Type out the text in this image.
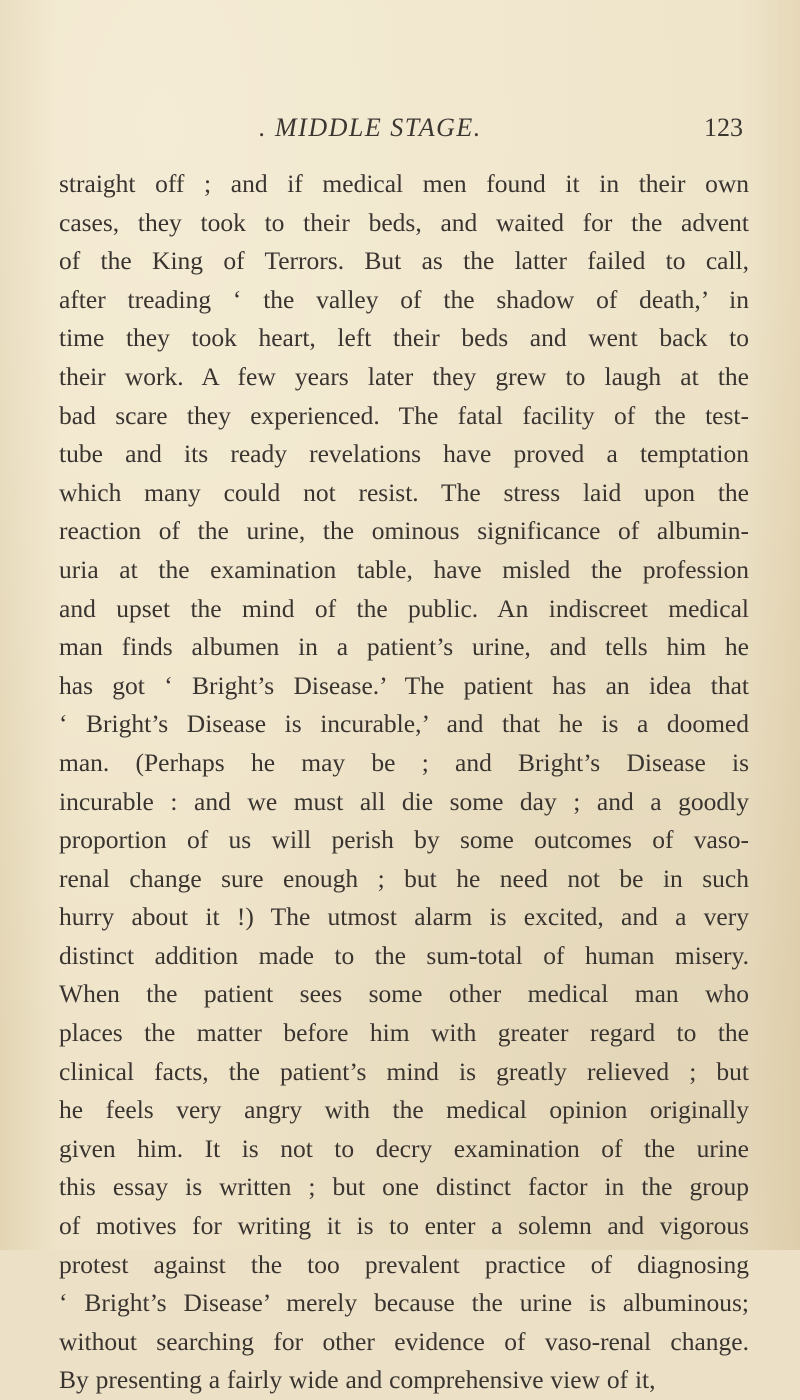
. MIDDLE STAGE.	123
straight off ; and if medical men found it in their own
cases, they took to their beds, and waited for the advent
of the King of Terrors. But as the latter failed to call,
after treading ‘ the valley of the shadow of death,’ in
time they took heart, left their beds and went back to
their work. A few years later they grew to laugh at the
bad scare they experienced. The fatal facility of the test-
tube and its ready revelations have proved a temptation
which many could not resist. The stress laid upon the
reaction of the urine, the ominous significance of albumin-
uria at the examination table, have misled the profession
and upset the mind of the public. An indiscreet medical
man finds albumen in a patient’s urine, and tells him he
has got ‘ Bright’s Disease.’ The patient has an idea that
‘ Bright’s Disease is incurable,’ and that he is a doomed
man. (Perhaps he may be ; and Bright’s Disease is
incurable : and we must all die some day ; and a goodly
proportion of us will perish by some outcomes of vaso-
renal change sure enough ; but he need not be in such
hurry about it !) The utmost alarm is excited, and a very
distinct addition made to the sum-total of human misery.
When the patient sees some other medical man who
places the matter before him with greater regard to the
clinical facts, the patient’s mind is greatly relieved ; but
he feels very angry with the medical opinion originally
given him. It is not to decry examination of the urine
this essay is written ; but one distinct factor in the group
of motives for writing it is to enter a solemn and vigorous
protest against the too prevalent practice of diagnosing
‘ Bright’s Disease’ merely because the urine is albuminous;
without searching for other evidence of vaso-renal change.
By presenting a fairly wide and comprehensive view of it,
